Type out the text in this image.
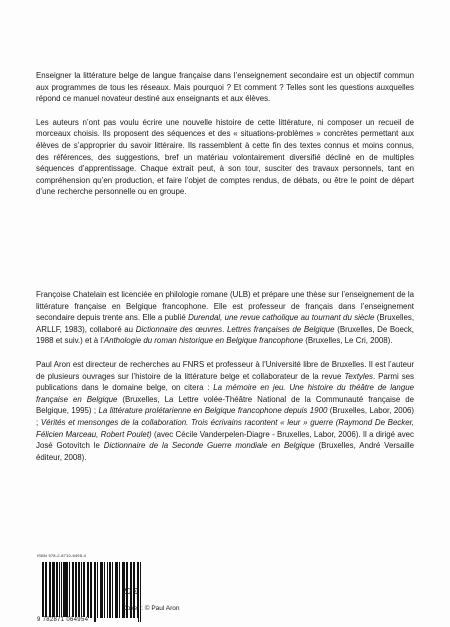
Enseigner la littérature belge de langue française dans l’enseignement secondaire est un objectif commun aux programmes de tous les réseaux. Mais pourquoi ? Et comment ? Telles sont les questions auxquelles répond ce manuel novateur destiné aux enseignants et aux élèves.

Les auteurs n’ont pas voulu écrire une nouvelle histoire de cette littérature, ni composer un recueil de morceaux choisis. Ils proposent des séquences et des « situations-problèmes » concrètes permettant aux élèves de s’approprier du savoir littéraire. Ils rassemblent à cette fin des textes connus et moins connus, des références, des suggestions, bref un matériau volontairement diversifié décliné en de multiples séquences d’apprentissage. Chaque extrait peut, à son tour, susciter des travaux personnels, tant en compréhension qu’en production, et faire l’objet de comptes rendus, de débats, ou être le point de départ d’une recherche personnelle ou en groupe.

Françoise Chatelain est licenciée en philologie romane (ULB) et prépare une thèse sur l’enseignement de la littérature française en Belgique francophone. Elle est professeur de français dans l’enseignement secondaire depuis trente ans. Elle a publié Durendal, une revue catholique au tournant du siècle (Bruxelles, ARLLF, 1983), collaboré au Dictionnaire des œuvres. Lettres françaises de Belgique (Bruxelles, De Boeck, 1988 et suiv.) et à l’Anthologie du roman historique en Belgique francophone (Bruxelles, Le Cri, 2008).

Paul Aron est directeur de recherches au FNRS et professeur à l’Université libre de Bruxelles. Il est l’auteur de plusieurs ouvrages sur l’histoire de la littérature belge et collaborateur de la revue Textyles. Parmi ses publications dans le domaine belge, on citera : La mémoire en jeu. Une histoire du théâtre de langue française en Belgique (Bruxelles, La Lettre volée-Théâtre National de la Communauté française de Belgique, 1995) ; La littérature prolétarienne en Belgique francophone depuis 1900 (Bruxelles, Labor, 2006) ; Vérités et mensonges de la collaboration. Trois écrivains racontent « leur » guerre (Raymond De Becker, Félicien Marceau, Robert Poulet) (avec Cécile Vanderpelen-Diagre - Bruxelles, Labor, 2006). Il a dirigé avec José Gotovitch le Dictionnaire de la Seconde Guerre mondiale en Belgique (Bruxelles, André Versaille éditeur, 2008).

ISBN 978-2-8710-6495-4
9 782871 064954
20 €
Cover : © Paul Aron
